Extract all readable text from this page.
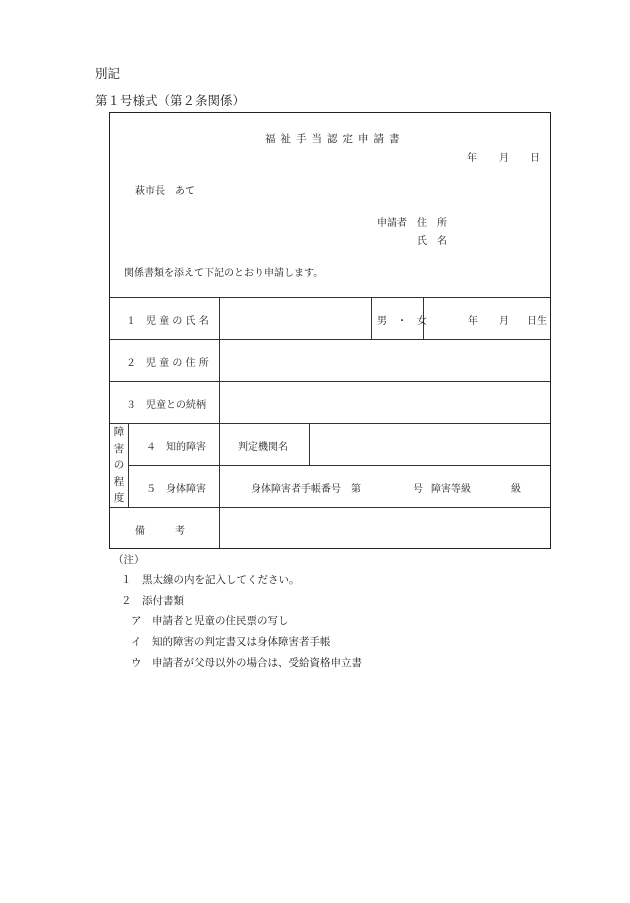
別記
第１号様式（第２条関係）
福祉手当認定申請書
年 月 日
萩市長　あて
申請者 住　所
氏　名
関係書類を添えて下記のとおり申請します。
１　児 童 の 氏 名	男　・　女	年 月 日生
２　児 童 の 住 所
３　児童との続柄
障
害
の
程
度
４　知的障害	判定機関名
５　身体障害	身体障害者手帳番号　第	号 障害等級	級
備　　　考
（注）
１　黒太線の内を記入してください。
２　添付書類
ア　申請者と児童の住民票の写し
イ　知的障害の判定書又は身体障害者手帳
ウ　申請者が父母以外の場合は、受給資格申立書
